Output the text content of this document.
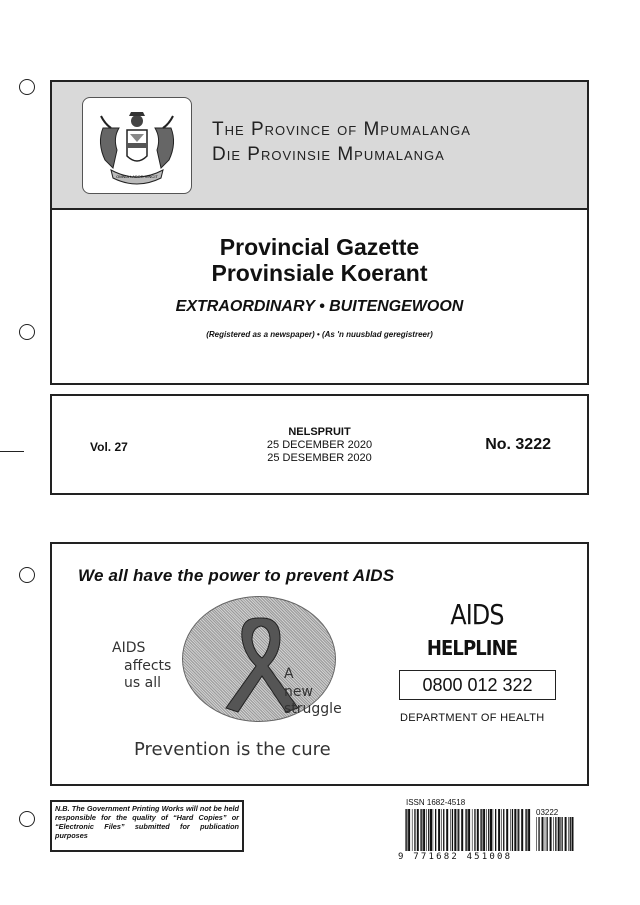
OMNIA LABOR VINCIT
The Province of Mpumalanga
Die Provinsie Mpumalanga
Provincial Gazette
Provinsiale Koerant
EXTRAORDINARY • BUITENGEWOON
(Registered as a newspaper) • (As 'n nuusblad geregistreer)
Vol. 27
NELSPRUIT
25 DECEMBER 2020
25 DESEMBER 2020
No. 3222
We all have the power to prevent AIDS
AIDS
affects
us all
A
new
struggle
Prevention is the cure
AIDS
HELPLINE
0800 012 322
DEPARTMENT OF HEALTH
N.B. The Government Printing Works will not be held responsible for the quality of “Hard Copies” or “Electronic Files” submitted for publication purposes
ISSN 1682-4518
03222
9 771682 451008
